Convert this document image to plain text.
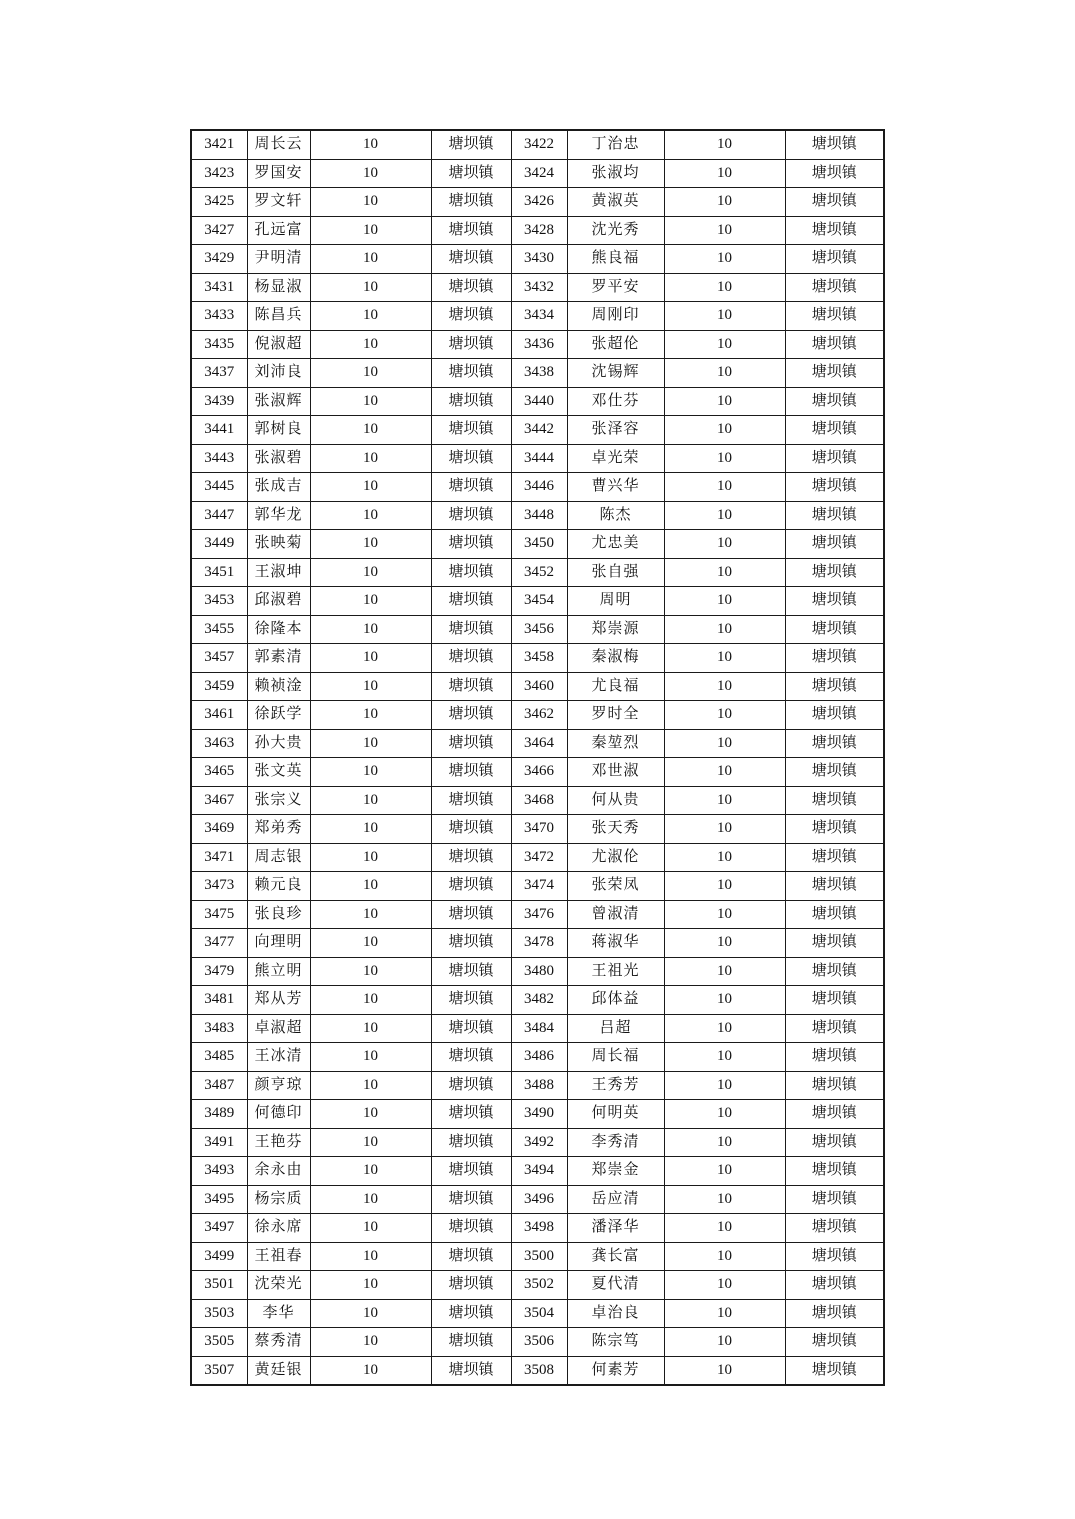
3421	周长云	10	塘坝镇	3422	丁治忠	10	塘坝镇
3423	罗国安	10	塘坝镇	3424	张淑均	10	塘坝镇
3425	罗文轩	10	塘坝镇	3426	黄淑英	10	塘坝镇
3427	孔远富	10	塘坝镇	3428	沈光秀	10	塘坝镇
3429	尹明清	10	塘坝镇	3430	熊良福	10	塘坝镇
3431	杨显淑	10	塘坝镇	3432	罗平安	10	塘坝镇
3433	陈昌兵	10	塘坝镇	3434	周刚印	10	塘坝镇
3435	倪淑超	10	塘坝镇	3436	张超伦	10	塘坝镇
3437	刘沛良	10	塘坝镇	3438	沈锡辉	10	塘坝镇
3439	张淑辉	10	塘坝镇	3440	邓仕芬	10	塘坝镇
3441	郭树良	10	塘坝镇	3442	张泽容	10	塘坝镇
3443	张淑碧	10	塘坝镇	3444	卓光荣	10	塘坝镇
3445	张成吉	10	塘坝镇	3446	曹兴华	10	塘坝镇
3447	郭华龙	10	塘坝镇	3448	陈杰	10	塘坝镇
3449	张映菊	10	塘坝镇	3450	尤忠美	10	塘坝镇
3451	王淑坤	10	塘坝镇	3452	张自强	10	塘坝镇
3453	邱淑碧	10	塘坝镇	3454	周明	10	塘坝镇
3455	徐隆本	10	塘坝镇	3456	郑崇源	10	塘坝镇
3457	郭素清	10	塘坝镇	3458	秦淑梅	10	塘坝镇
3459	赖祯淦	10	塘坝镇	3460	尤良福	10	塘坝镇
3461	徐跃学	10	塘坝镇	3462	罗时全	10	塘坝镇
3463	孙大贵	10	塘坝镇	3464	秦堃烈	10	塘坝镇
3465	张文英	10	塘坝镇	3466	邓世淑	10	塘坝镇
3467	张宗义	10	塘坝镇	3468	何从贵	10	塘坝镇
3469	郑弟秀	10	塘坝镇	3470	张天秀	10	塘坝镇
3471	周志银	10	塘坝镇	3472	尤淑伦	10	塘坝镇
3473	赖元良	10	塘坝镇	3474	张荣凤	10	塘坝镇
3475	张良珍	10	塘坝镇	3476	曾淑清	10	塘坝镇
3477	向理明	10	塘坝镇	3478	蒋淑华	10	塘坝镇
3479	熊立明	10	塘坝镇	3480	王祖光	10	塘坝镇
3481	郑从芳	10	塘坝镇	3482	邱体益	10	塘坝镇
3483	卓淑超	10	塘坝镇	3484	吕超	10	塘坝镇
3485	王冰清	10	塘坝镇	3486	周长福	10	塘坝镇
3487	颜亨琼	10	塘坝镇	3488	王秀芳	10	塘坝镇
3489	何德印	10	塘坝镇	3490	何明英	10	塘坝镇
3491	王艳芬	10	塘坝镇	3492	李秀清	10	塘坝镇
3493	余永由	10	塘坝镇	3494	郑崇金	10	塘坝镇
3495	杨宗质	10	塘坝镇	3496	岳应清	10	塘坝镇
3497	徐永席	10	塘坝镇	3498	潘泽华	10	塘坝镇
3499	王祖春	10	塘坝镇	3500	龚长富	10	塘坝镇
3501	沈荣光	10	塘坝镇	3502	夏代清	10	塘坝镇
3503	李华	10	塘坝镇	3504	卓治良	10	塘坝镇
3505	蔡秀清	10	塘坝镇	3506	陈宗笃	10	塘坝镇
3507	黄廷银	10	塘坝镇	3508	何素芳	10	塘坝镇
